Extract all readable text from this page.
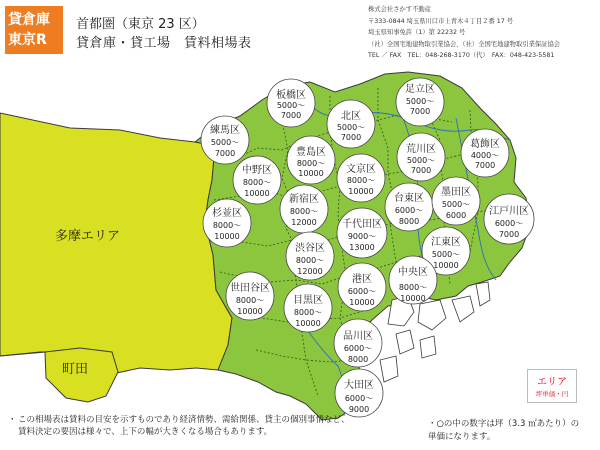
貸倉庫
東京R
首都圏（東京 23 区）
貸倉庫・貸工場　賃料相場表
株式会社さかす不動産
〒333-0844 埼玉県川口市上青木４丁目２番 17 号
埼玉県知事免許（1）第 22232 号
（社）全国宅地建物取引業協会、（社）全国宅地建物取引業保証協会
TEL ／ FAX　TEL：048-268-3170（代）　FAX：048-423-5581
多摩エリア
町田
板橋区
5000～
7000	北区
5000～
7000
足立区
5000～
7000
練馬区
5000～
7000
葛飾区
4000～
7000
荒川区
5000～
7000
豊島区
8000～
10000
中野区
8000～
10000
文京区
8000～
10000
新宿区
8000～
12000
台東区
6000～
8000
墨田区
5000～
6000
杉並区
8000～
10000
江戸川区
6000～
7000
千代田区
9000～
13000
渋谷区
8000～
12000
江東区
5000～
10000
世田谷区
8000～
10000
港区
6000～
10000
中央区
8000～
10000
目黒区
8000～
10000
品川区
6000～
8000
大田区
6000～
9000
エリア
坪単価・円
・ この相場表は賃料の目安を示すものであり経済情勢、需給関係、貸主の個別事情など、
賃料決定の要因は様々で、上下の幅が大きくなる場合もあります。
・○の中の数字は坪（3.3 ㎡あたり）の
単価になります。
